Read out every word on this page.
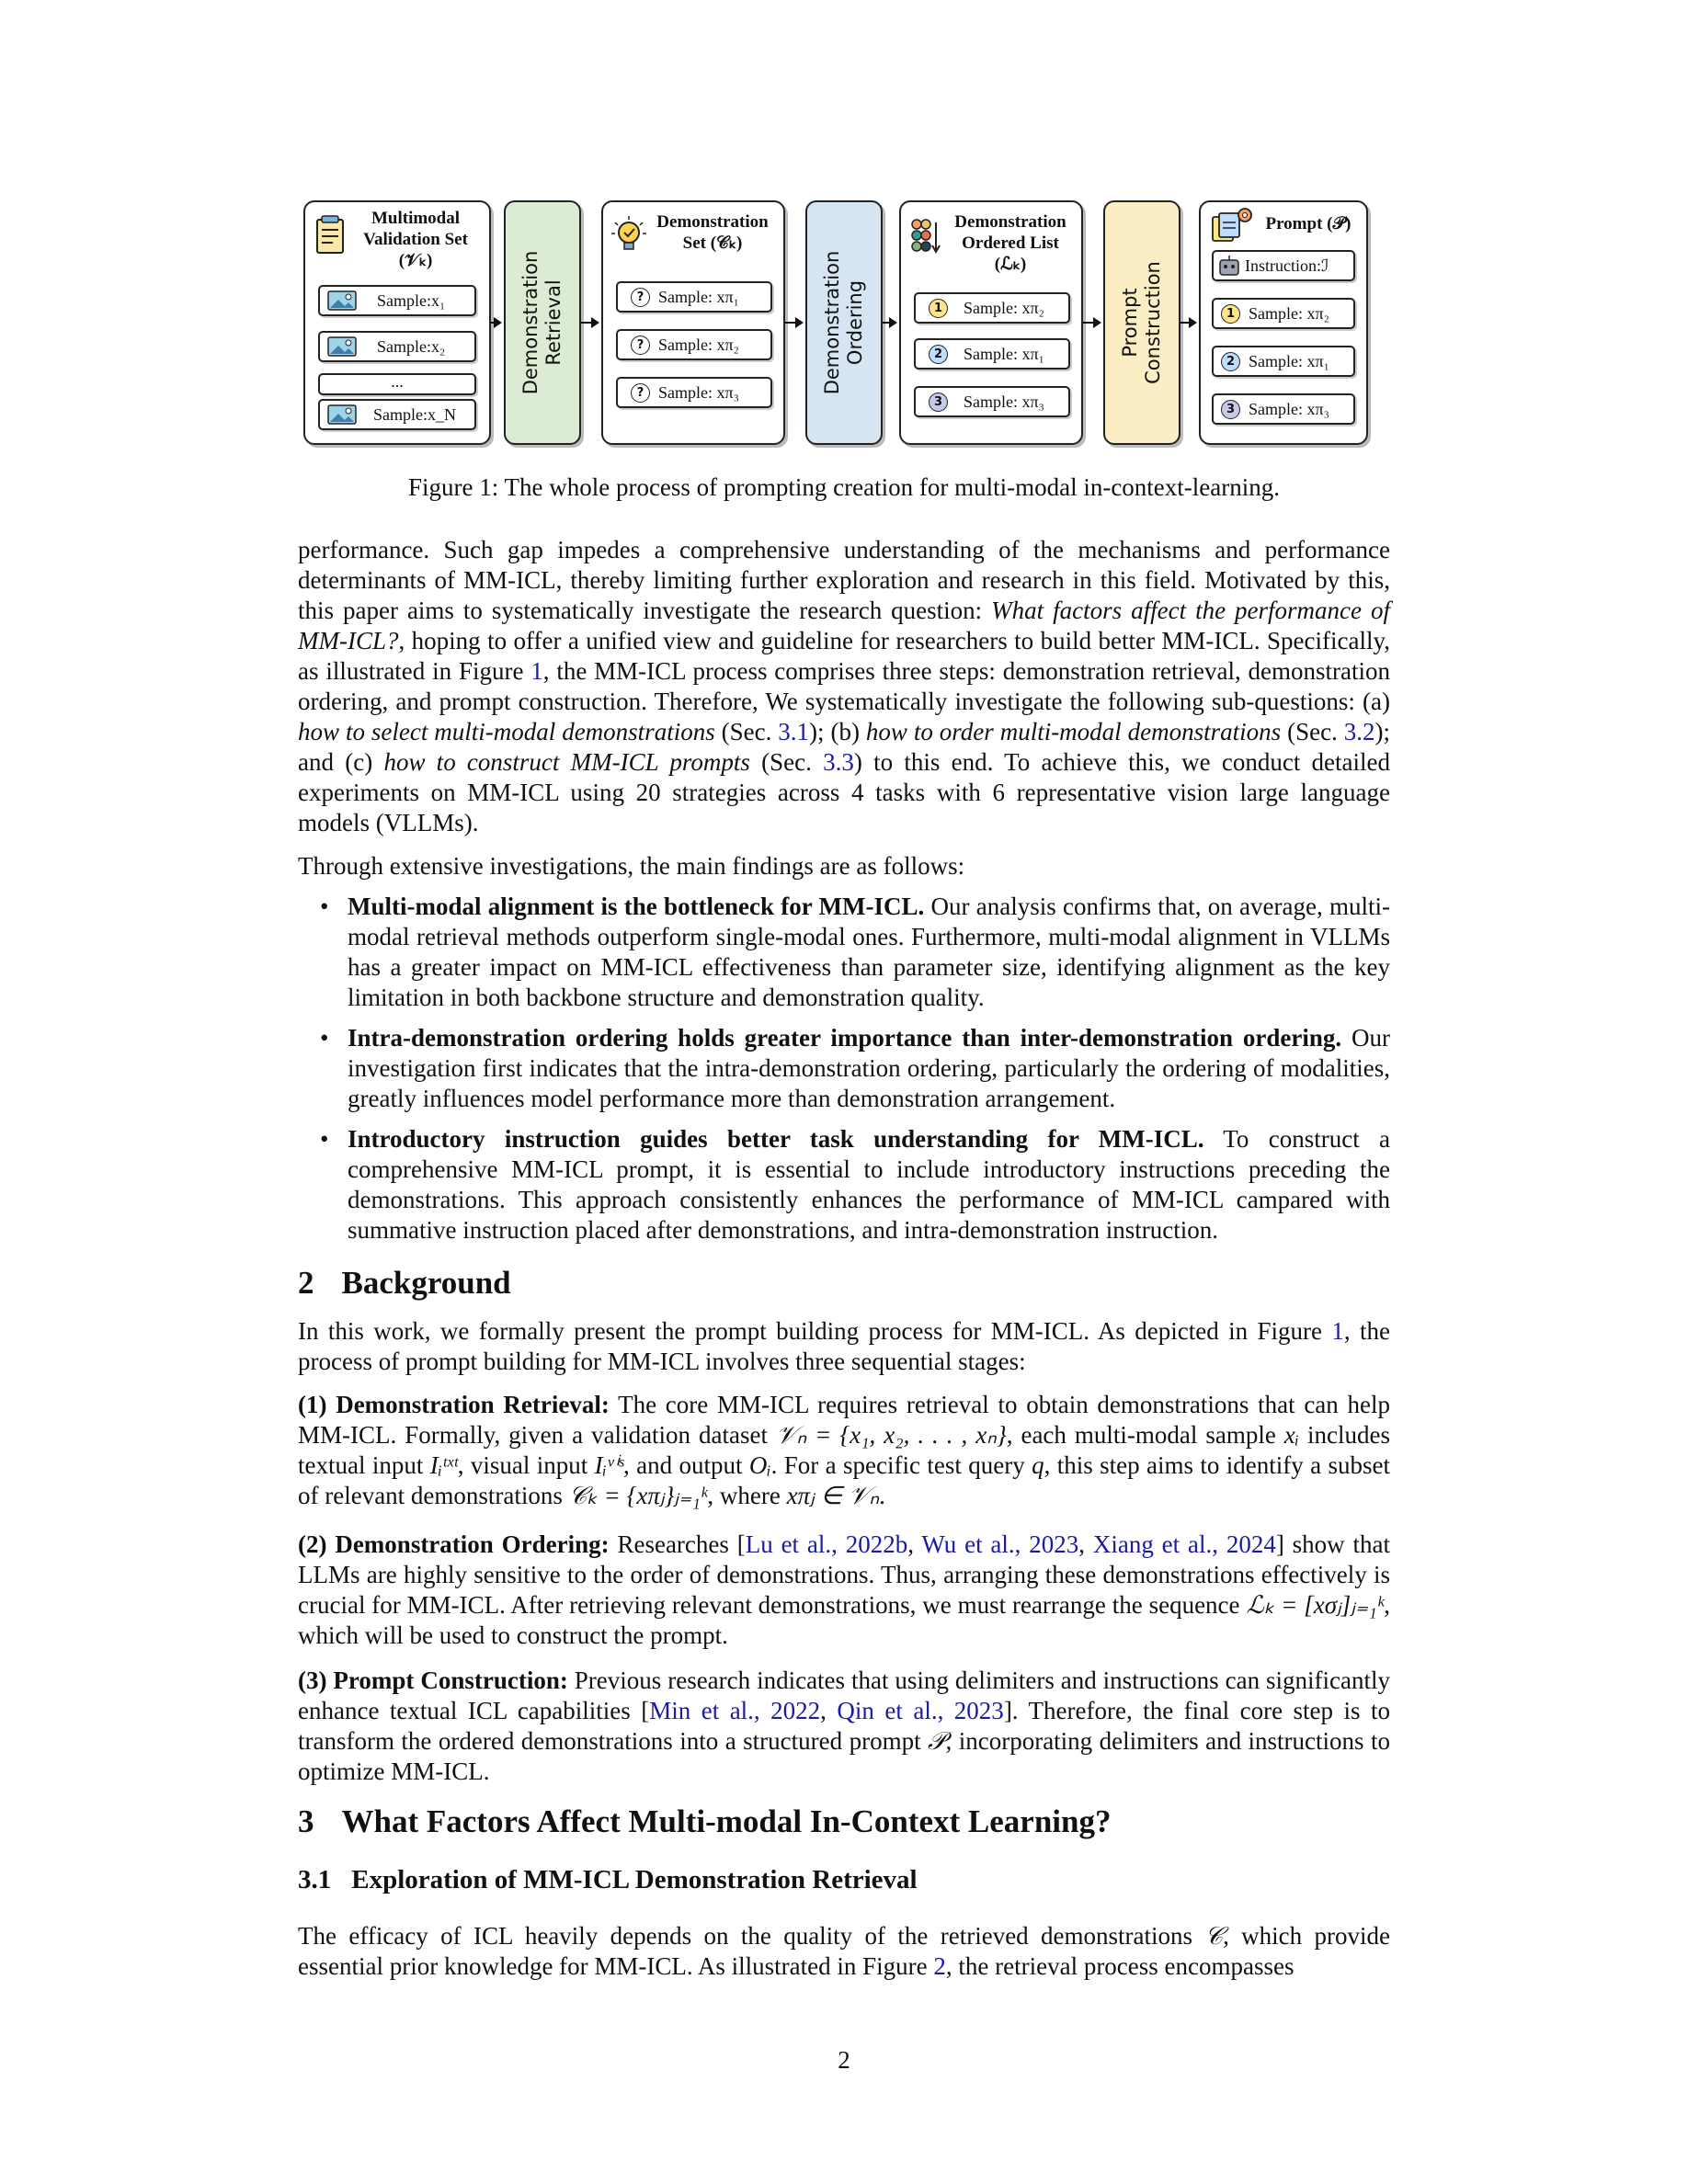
Multimodal
Validation Set
(𝒱ₖ)
Sample:x₁
Sample:x₂
...
Sample:x_N
Demonstration Retrieval
Demonstration
Set (𝒞ₖ)
? Sample: xπ₁
? Sample: xπ₂
? Sample: xπ₃	Demonstration Ordering
Demonstration
Ordered List
(ℒₖ)
1	Sample: xπ₂
2	Sample: xπ₁
3	Sample: xπ₃
Prompt Construction
Prompt (𝒫)
Instruction:ℐ
1 Sample: xπ₂
2 Sample: xπ₁
3 Sample: xπ₃
Figure 1: The whole process of prompting creation for multi-modal in-context-learning.

performance. Such gap impedes a comprehensive understanding of the mechanisms and performance determinants of MM-ICL, thereby limiting further exploration and research in this field. Motivated by this, this paper aims to systematically investigate the research question: What factors affect the performance of MM-ICL?, hoping to offer a unified view and guideline for researchers to build better MM-ICL. Specifically, as illustrated in Figure 1, the MM-ICL process comprises three steps: demonstration retrieval, demonstration ordering, and prompt construction. Therefore, We systematically investigate the following sub-questions: (a) how to select multi-modal demonstrations (Sec. 3.1); (b) how to order multi-modal demonstrations (Sec. 3.2); and (c) how to construct MM-ICL prompts (Sec. 3.3) to this end. To achieve this, we conduct detailed experiments on MM-ICL using 20 strategies across 4 tasks with 6 representative vision large language models (VLLMs).

Through extensive investigations, the main findings are as follows:

• Multi-modal alignment is the bottleneck for MM-ICL. Our analysis confirms that, on average, multi-modal retrieval methods outperform single-modal ones. Furthermore, multi-modal alignment in VLLMs has a greater impact on MM-ICL effectiveness than parameter size, identifying alignment as the key limitation in both backbone structure and demonstration quality.

• Intra-demonstration ordering holds greater importance than inter-demonstration ordering. Our investigation first indicates that the intra-demonstration ordering, particularly the ordering of modalities, greatly influences model performance more than demonstration arrangement.

• Introductory instruction guides better task understanding for MM-ICL. To construct a comprehensive MM-ICL prompt, it is essential to include introductory instructions preceding the demonstrations. This approach consistently enhances the performance of MM-ICL campared with summative instruction placed after demonstrations, and intra-demonstration instruction.

2 Background

In this work, we formally present the prompt building process for MM-ICL. As depicted in Figure 1, the process of prompt building for MM-ICL involves three sequential stages:

(1) Demonstration Retrieval: The core MM-ICL requires retrieval to obtain demonstrations that can help MM-ICL. Formally, given a validation dataset 𝒱ₙ = {x₁, x₂, . . . , xₙ}, each multi-modal sample xᵢ includes textual input Iᵢᵗˣᵗ, visual input Iᵢᵛⁱˢ, and output Oᵢ. For a specific test query q, this step aims to identify a subset of relevant demonstrations 𝒞ₖ = {xπⱼ}ⱼ₌₁ᵏ, where xπⱼ ∈ 𝒱ₙ.

(2) Demonstration Ordering: Researches [Lu et al., 2022b, Wu et al., 2023, Xiang et al., 2024] show that LLMs are highly sensitive to the order of demonstrations. Thus, arranging these demonstrations effectively is crucial for MM-ICL. After retrieving relevant demonstrations, we must rearrange the sequence ℒₖ = [xσⱼ]ⱼ₌₁ᵏ, which will be used to construct the prompt.

(3) Prompt Construction: Previous research indicates that using delimiters and instructions can significantly enhance textual ICL capabilities [Min et al., 2022, Qin et al., 2023]. Therefore, the final core step is to transform the ordered demonstrations into a structured prompt 𝒫, incorporating delimiters and instructions to optimize MM-ICL.

3 What Factors Affect Multi-modal In-Context Learning?
3.1 Exploration of MM-ICL Demonstration Retrieval

The efficacy of ICL heavily depends on the quality of the retrieved demonstrations 𝒞, which provide essential prior knowledge for MM-ICL. As illustrated in Figure 2, the retrieval process encompasses

2
